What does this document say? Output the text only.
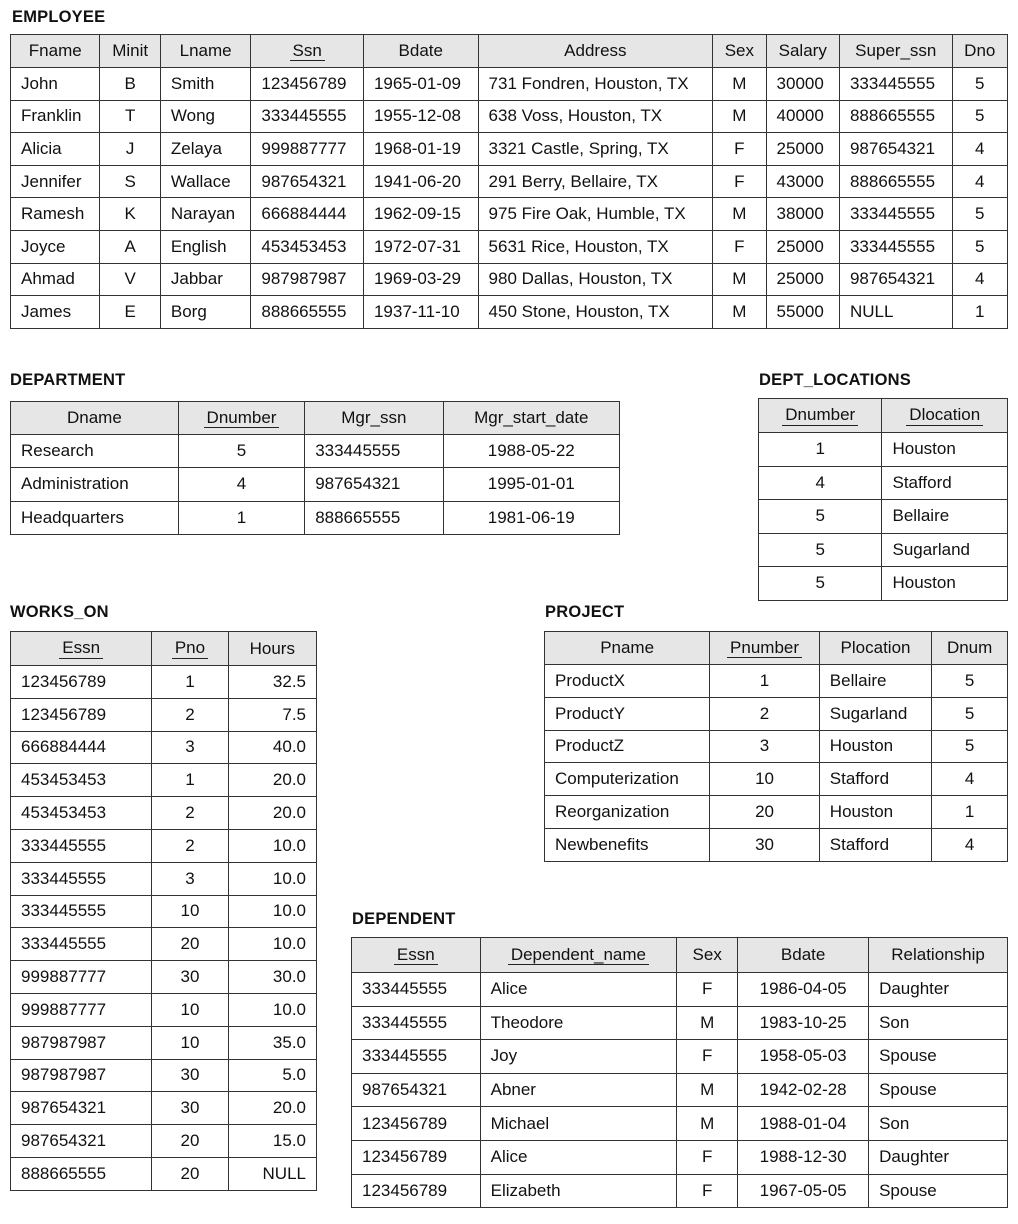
EMPLOYEE
Fname	Minit	Lname	Ssn	Bdate	Address	Sex	Salary	Super_ssn	Dno
John	B	Smith	123456789	1965-01-09	731 Fondren, Houston, TX	M	30000	333445555	5
Franklin	T	Wong	333445555	1955-12-08	638 Voss, Houston, TX	M	40000	888665555	5
Alicia	J	Zelaya	999887777	1968-01-19	3321 Castle, Spring, TX	F	25000	987654321	4
Jennifer	S	Wallace	987654321	1941-06-20	291 Berry, Bellaire, TX	F	43000	888665555	4
Ramesh	K	Narayan	666884444	1962-09-15	975 Fire Oak, Humble, TX	M	38000	333445555	5
Joyce	A	English	453453453	1972-07-31	5631 Rice, Houston, TX	F	25000	333445555	5
Ahmad	V	Jabbar	987987987	1969-03-29	980 Dallas, Houston, TX	M	25000	987654321	4
James	E	Borg	888665555	1937-11-10	450 Stone, Houston, TX	M	55000	NULL	1
DEPARTMENT
Dname	Dnumber	Mgr_ssn	Mgr_start_date
Research	5	333445555	1988-05-22
Administration	4	987654321	1995-01-01
Headquarters	1	888665555	1981-06-19
DEPT_LOCATIONS
Dnumber	Dlocation
1	Houston
4	Stafford
5	Bellaire
5	Sugarland
5	Houston
WORKS_ON
Essn	Pno	Hours
123456789	1	32.5
123456789	2	7.5
666884444	3	40.0
453453453	1	20.0
453453453	2	20.0
333445555	2	10.0
333445555	3	10.0
333445555	10	10.0
333445555	20	10.0
999887777	30	30.0
999887777	10	10.0
987987987	10	35.0
987987987	30	5.0
987654321	30	20.0
987654321	20	15.0
888665555	20	NULL
PROJECT
Pname	Pnumber	Plocation	Dnum
ProductX	1	Bellaire	5
ProductY	2	Sugarland	5
ProductZ	3	Houston	5
Computerization	10	Stafford	4
Reorganization	20	Houston	1
Newbenefits	30	Stafford	4
DEPENDENT
Essn	Dependent_name	Sex	Bdate	Relationship
333445555	Alice	F	1986-04-05	Daughter
333445555	Theodore	M	1983-10-25	Son
333445555	Joy	F	1958-05-03	Spouse
987654321	Abner	M	1942-02-28	Spouse
123456789	Michael	M	1988-01-04	Son
123456789	Alice	F	1988-12-30	Daughter
123456789	Elizabeth	F	1967-05-05	Spouse
